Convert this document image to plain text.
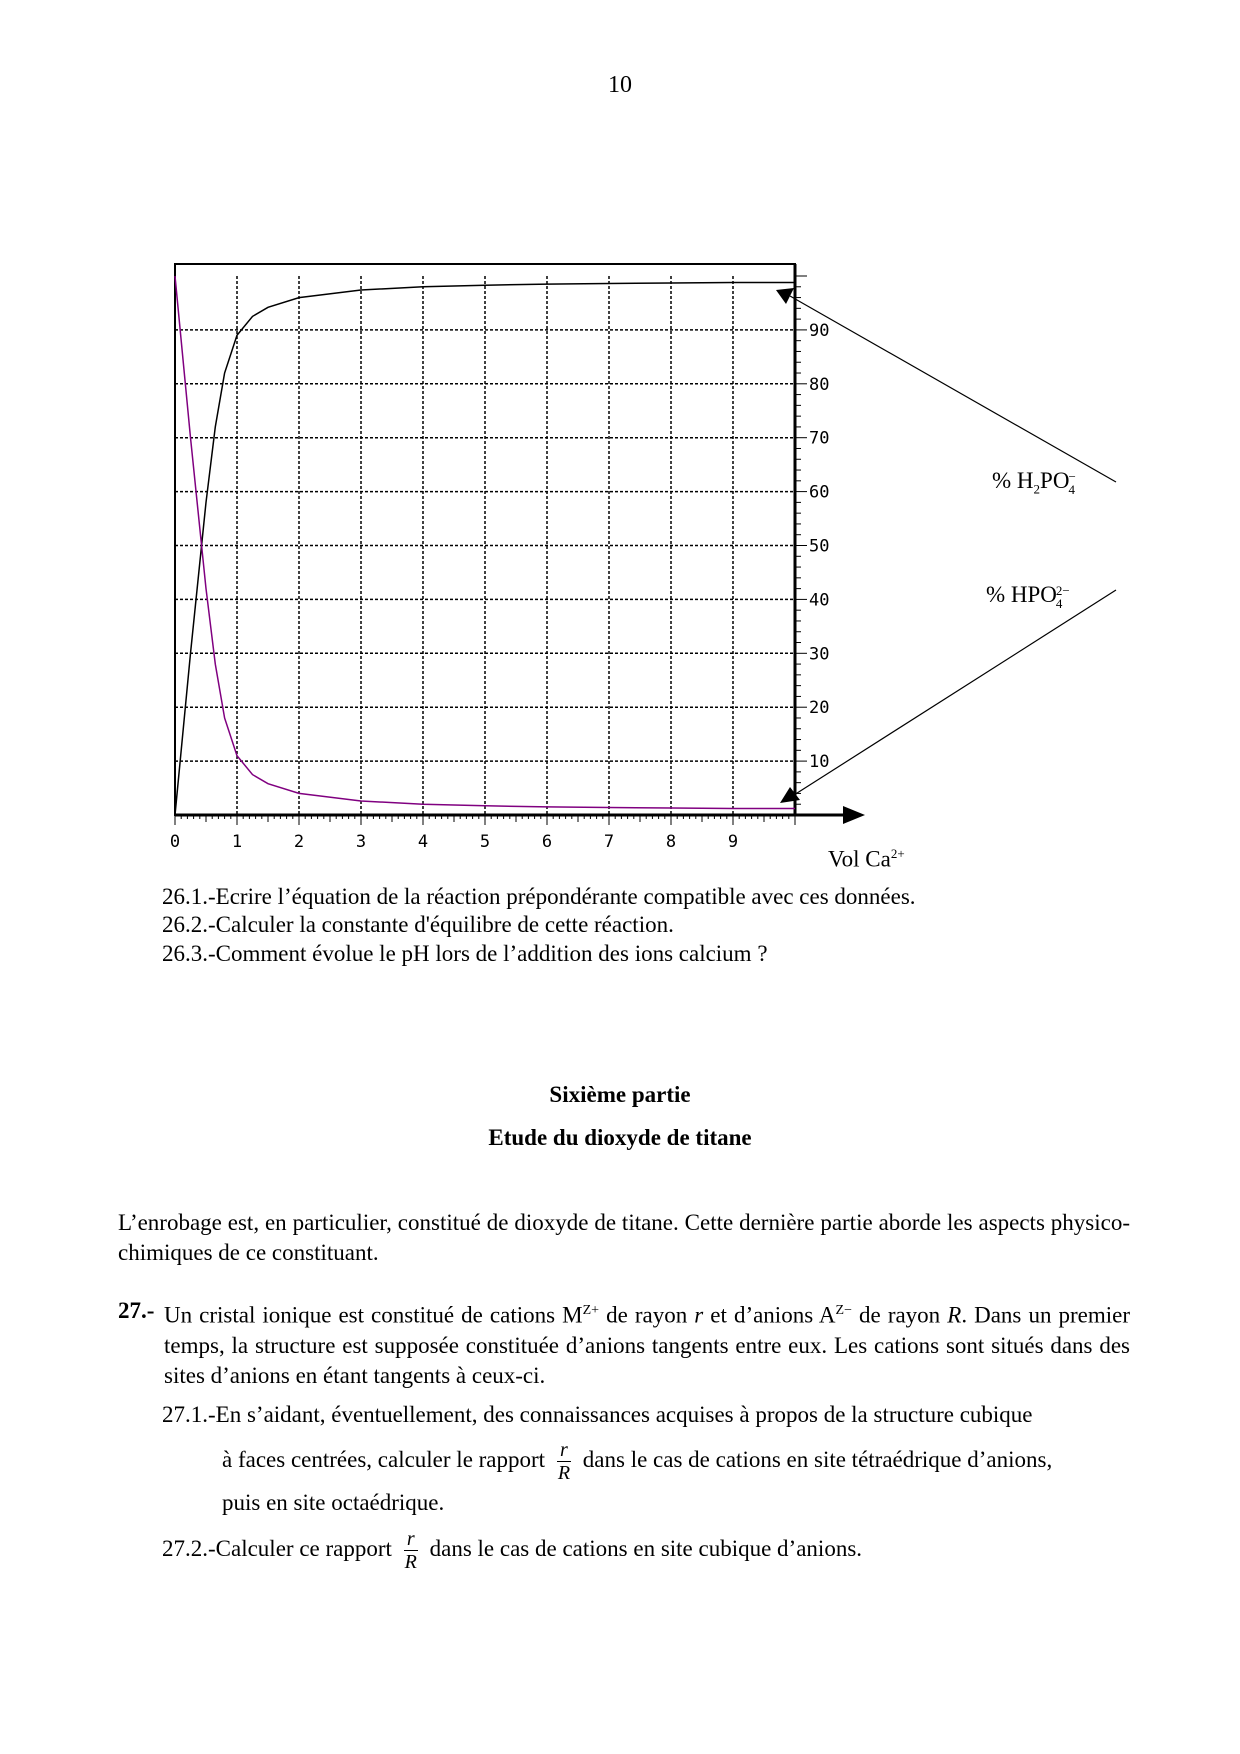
10
0	1	2	3	4	5	6	7	8	9
10
20
30
40
50
60
70
80
90
% $H_2PO$ −
4
% HPO 2−
4
Vol $Ca^{2+}$
26.1.-Ecrire l’équation de la réaction prépondérante compatible avec ces données.
26.2.-Calculer la constante d'équilibre de cette réaction.
26.3.-Comment évolue le pH lors de l’addition des ions calcium ?
Sixième partie
Etude du dioxyde de titane
L’enrobage est, en particulier, constitué de dioxyde de titane. Cette dernière partie aborde les aspects physico-chimiques de ce constituant.
27.- Un cristal ionique est constitué de cations $M^{Z+}$ de rayon r et d’anions $A^{Z-}$ de rayon R. Dans un premier temps, la structure est supposée constituée d’anions tangents entre eux. Les cations sont situés dans des sites d’anions en étant tangents à ceux-ci.
27.1.-En s’aidant, éventuellement, des connaissances acquises à propos de la structure cubique
à faces centrées, calculer le rapport $\frac{r}{R}$ dans le cas de cations en site tétraédrique d’anions,
puis en site octaédrique.
27.2.-Calculer ce rapport $\frac{r}{R}$ dans le cas de cations en site cubique d’anions.
